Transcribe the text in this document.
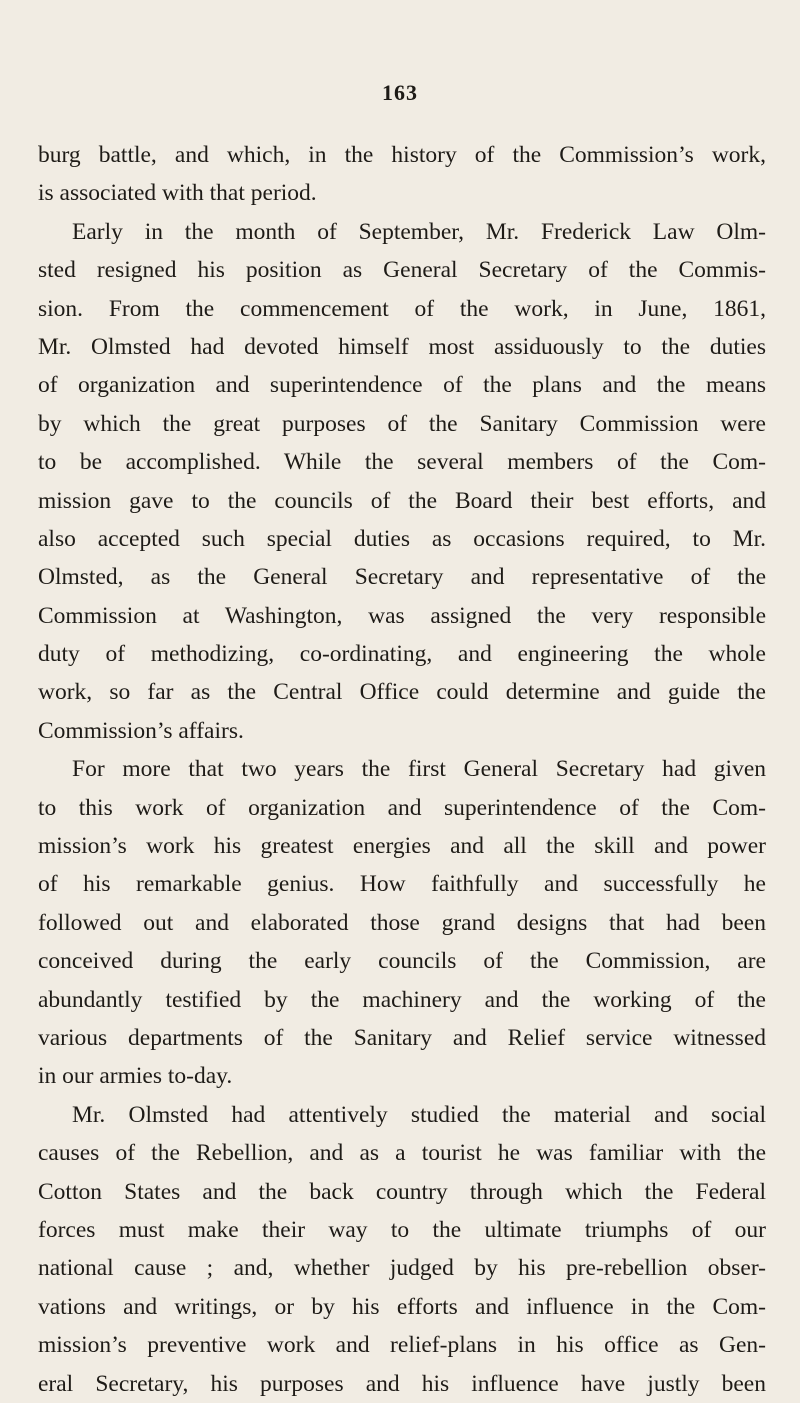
163
burg battle, and which, in the history of the Commission’s work,
is associated with that period.
Early in the month of September, Mr. Frederick Law Olm-
sted resigned his position as General Secretary of the Commis-
sion. From the commencement of the work, in June, 1861,
Mr. Olmsted had devoted himself most assiduously to the duties
of organization and superintendence of the plans and the means
by which the great purposes of the Sanitary Commission were
to be accomplished. While the several members of the Com-
mission gave to the councils of the Board their best efforts, and
also accepted such special duties as occasions required, to Mr.
Olmsted, as the General Secretary and representative of the
Commission at Washington, was assigned the very responsible
duty of methodizing, co-ordinating, and engineering the whole
work, so far as the Central Office could determine and guide the
Commission’s affairs.
For more that two years the first General Secretary had given
to this work of organization and superintendence of the Com-
mission’s work his greatest energies and all the skill and power
of his remarkable genius. How faithfully and successfully he
followed out and elaborated those grand designs that had been
conceived during the early councils of the Commission, are
abundantly testified by the machinery and the working of the
various departments of the Sanitary and Relief service witnessed
in our armies to-day.
Mr. Olmsted had attentively studied the material and social
causes of the Rebellion, and as a tourist he was familiar with the
Cotton States and the back country through which the Federal
forces must make their way to the ultimate triumphs of our
national cause ; and, whether judged by his pre-rebellion obser-
vations and writings, or by his efforts and influence in the Com-
mission’s preventive work and relief-plans in his office as Gen-
eral Secretary, his purposes and his influence have justly been
